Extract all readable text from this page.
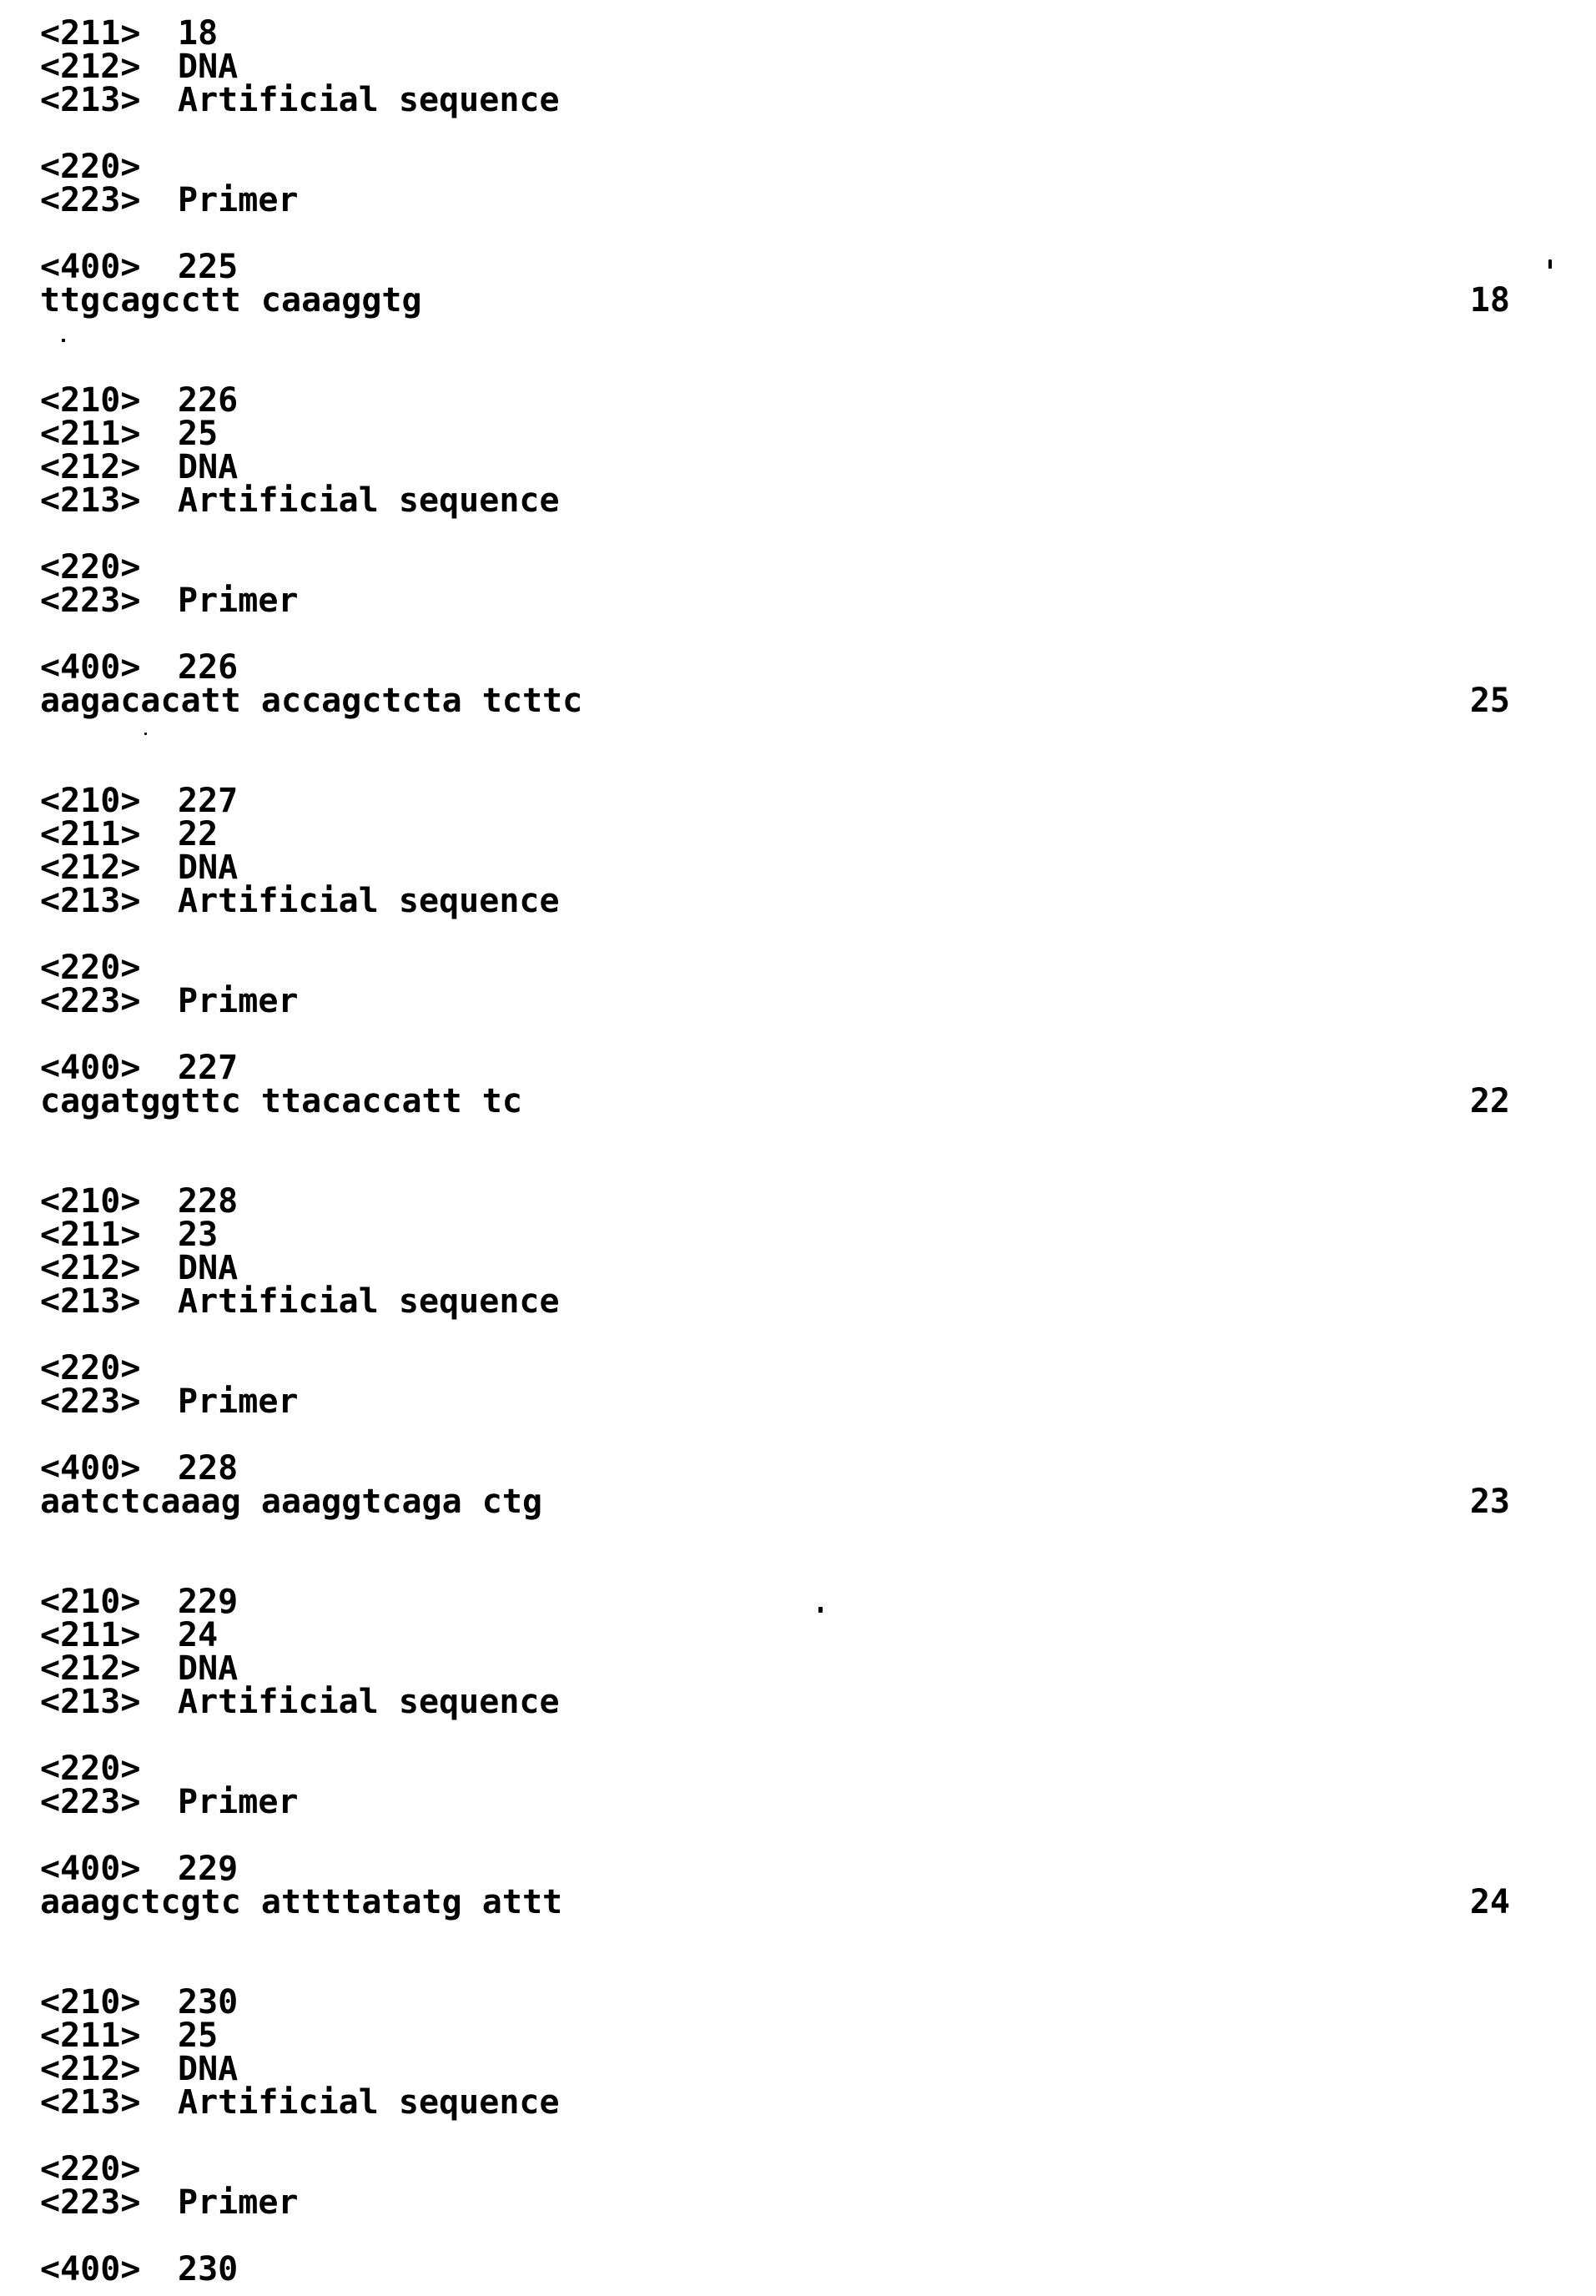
<211> 18
<212> DNA
<213> Artificial sequence
<220>
<223> Primer
<400> 225
ttgcagcctt caaaggtg	18
<210> 226
<211> 25
<212> DNA
<213> Artificial sequence
<220>
<223> Primer
<400> 226
aagacacatt accagctcta tcttc	25
<210> 227
<211> 22
<212> DNA
<213> Artificial sequence
<220>
<223> Primer
<400> 227
cagatggttc ttacaccatt tc	22
<210> 228
<211> 23
<212> DNA
<213> Artificial sequence
<220>
<223> Primer
<400> 228
aatctcaaag aaaggtcaga ctg	23
<210> 229
<211> 24
<212> DNA
<213> Artificial sequence
<220>
<223> Primer
<400> 229
aaagctcgtc attttatatg attt	24
<210> 230
<211> 25
<212> DNA
<213> Artificial sequence
<220>
<223> Primer
<400> 230
